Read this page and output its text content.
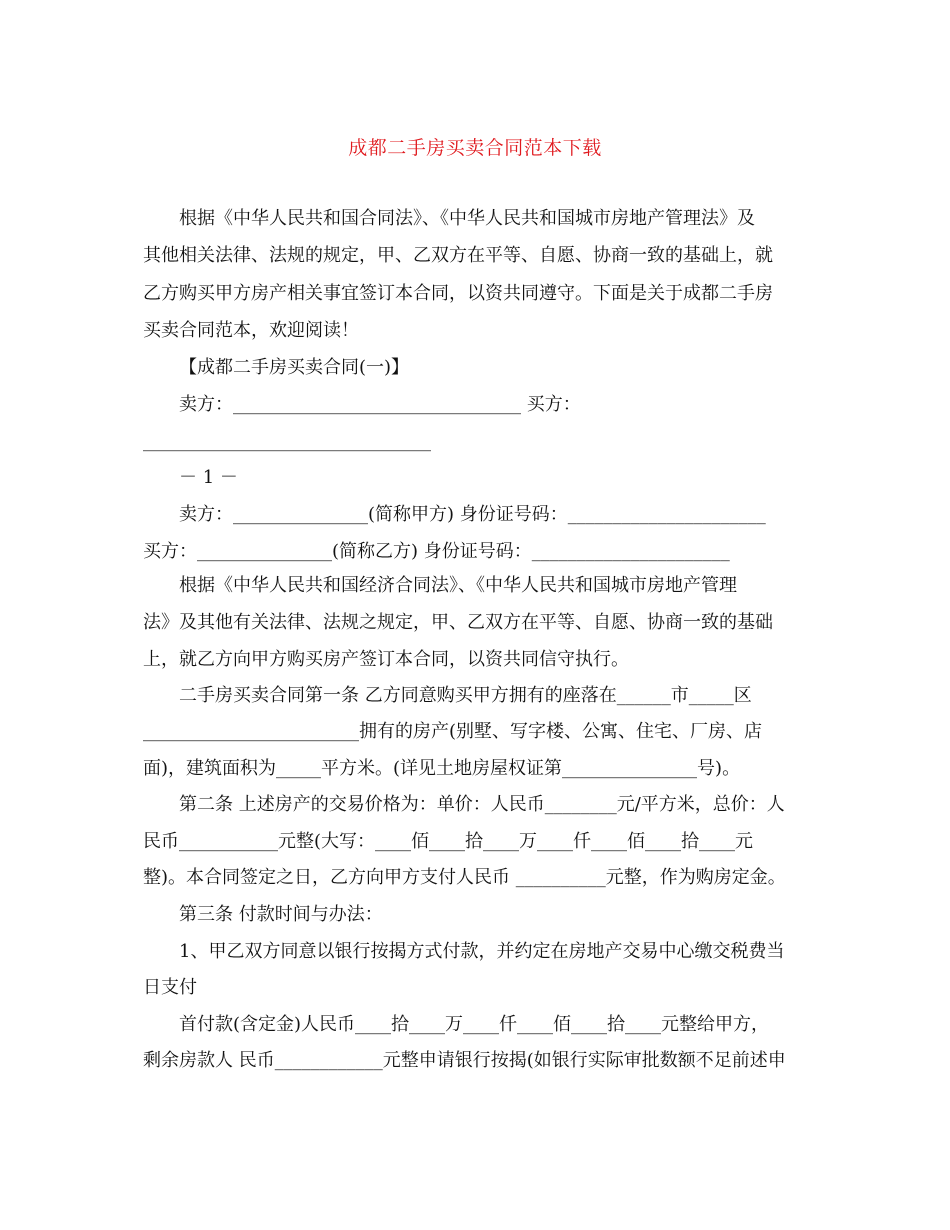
成都二手房买卖合同范本下载
根据《中华人民共和国合同法》、《中华人民共和国城市房地产管理法》及
其他相关法律、法规的规定，甲、乙双方在平等、自愿、协商一致的基础上，就
乙方购买甲方房产相关事宜签订本合同，以资共同遵守。下面是关于成都二手房
买卖合同范本，欢迎阅读！
【成都二手房买卖合同(一)】
卖方：________________________________ 买方：
________________________________
－ 1 －
卖方：_______________(简称甲方) 身份证号码：______________________
买方：_______________(简称乙方) 身份证号码：______________________
根据《中华人民共和国经济合同法》、《中华人民共和国城市房地产管理
法》及其他有关法律、法规之规定，甲、乙双方在平等、自愿、协商一致的基础
上，就乙方向甲方购买房产签订本合同，以资共同信守执行。
二手房买卖合同第一条 乙方同意购买甲方拥有的座落在______市_____区
________________________拥有的房产(别墅、写字楼、公寓、住宅、厂房、店
面)，建筑面积为_____平方米。(详见土地房屋权证第_______________号)。
第二条 上述房产的交易价格为：单价：人民币________元/平方米，总价：人
民币___________元整(大写：____佰____拾____万____仟____佰____拾____元
整)。本合同签定之日，乙方向甲方支付人民币 __________元整，作为购房定金。
第三条 付款时间与办法：
1、甲乙双方同意以银行按揭方式付款，并约定在房地产交易中心缴交税费当
日支付
首付款(含定金)人民币____拾____万____仟____佰____拾____元整给甲方，
剩余房款人 民币____________元整申请银行按揭(如银行实际审批数额不足前述申
